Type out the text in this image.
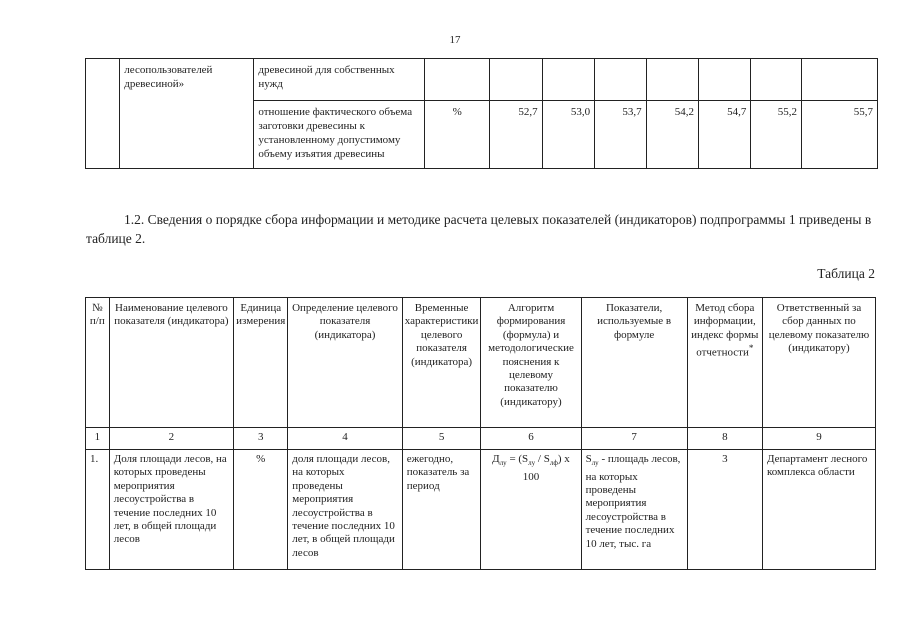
17
	лесопользователей древесиной»	древесиной для собственных нужд								
		отношение фактического объема заготовки древесины к установленному допустимому объему изъятия древесины	%	52,7	53,0	53,7	54,2	54,7	55,2	55,7
1.2. Сведения о порядке сбора информации и методике расчета целевых показателей (индикаторов) подпрограммы 1 приведены в таблице 2.
Таблица 2
№ п/п	Наименование целевого показателя (индикатора)	Единица измерения	Определение целевого показателя (индикатора)	Временные характеристики целевого показателя (индикатора)	Алгоритм формирования (формула) и методологические пояснения к целевому показателю (индикатору)	Показатели, используемые в формуле	Метод сбора информации, индекс формы отчетности*	Ответственный за сбор данных по целевому показателю (индикатору)
1	2	3	4	5	6	7	8	9
1.	Доля площади лесов, на которых проведены мероприятия лесоустройства в течение последних 10 лет, в общей площади лесов	%	доля площади лесов, на которых проведены мероприятия лесоустройства в течение последних 10 лет, в общей площади лесов	ежегодно, показатель за период	$Д_{лу} = (S_{лу} / S_{лф})$ x 100	$S_{лу}$ - площадь лесов, на которых проведены мероприятия лесоустройства в течение последних 10 лет, тыс. га	3	Департамент лесного комплекса области
